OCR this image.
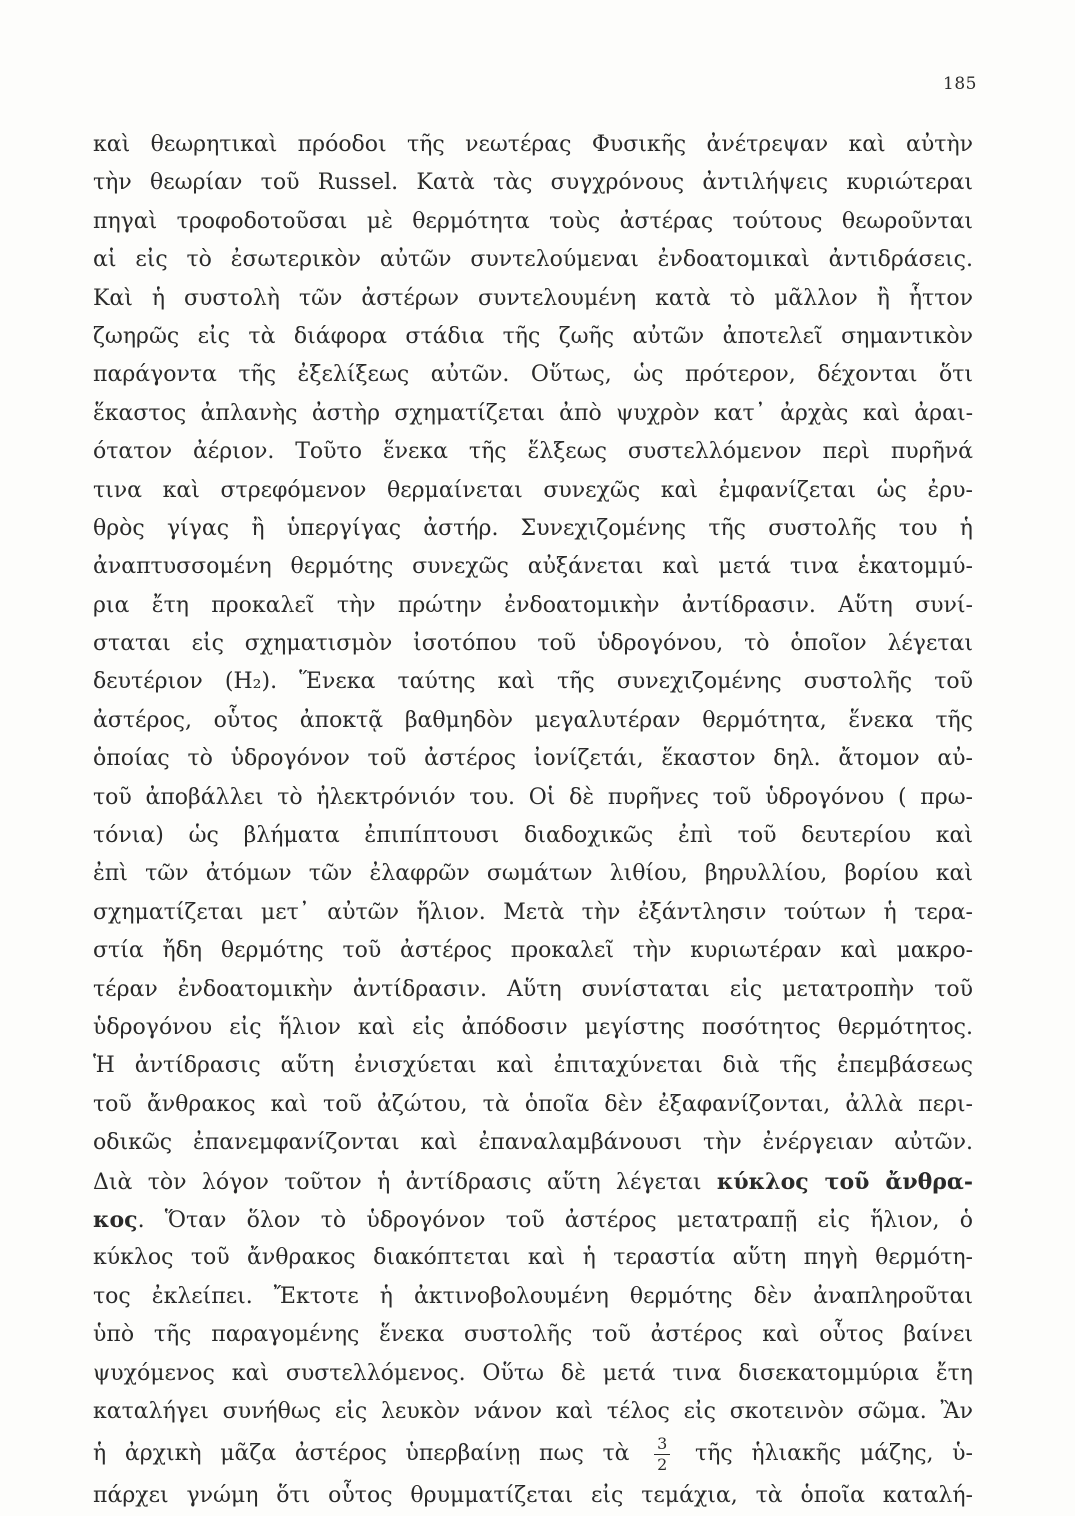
185
καὶ θεωρητικαὶ πρόοδοι τῆς νεωτέρας Φυσικῆς ἀνέτρεψαν καὶ αὐτὴν
τὴν θεωρίαν τοῦ Russel. Κατὰ τὰς συγχρόνους ἀντιλήψεις κυριώτεραι
πηγαὶ τροφοδοτοῦσαι μὲ θερμότητα τοὺς ἀστέρας τούτους θεωροῦνται
αἱ εἰς τὸ ἐσωτερικὸν αὐτῶν συντελούμεναι ἐνδοατομικαὶ ἀντιδράσεις.
Καὶ ἡ συστολὴ τῶν ἀστέρων συντελουμένη κατὰ τὸ μᾶλλον ἢ ἧττον
ζωηρῶς εἰς τὰ διάφορα στάδια τῆς ζωῆς αὐτῶν ἀποτελεῖ σημαντικὸν
παράγοντα τῆς ἐξελίξεως αὐτῶν. Οὕτως, ὡς πρότερον, δέχονται ὅτι
ἕκαστος ἀπλανὴς ἀστὴρ σχηματίζεται ἀπὸ ψυχρὸν κατ᾽ ἀρχὰς καὶ ἀραι-
ότατον ἀέριον. Τοῦτο ἕνεκα τῆς ἕλξεως συστελλόμενον περὶ πυρῆνά
τινα καὶ στρεφόμενον θερμαίνεται συνεχῶς καὶ ἐμφανίζεται ὡς ἐρυ-
θρὸς γίγας ἢ ὑπεργίγας ἀστήρ. Συνεχιζομένης τῆς συστολῆς του ἡ
ἀναπτυσσομένη θερμότης συνεχῶς αὐξάνεται καὶ μετά τινα ἑκατομμύ-
ρια ἔτη προκαλεῖ τὴν πρώτην ἐνδοατομικὴν ἀντίδρασιν. Αὕτη συνί-
σταται εἰς σχηματισμὸν ἰσοτόπου τοῦ ὑδρογόνου, τὸ ὁποῖον λέγεται
δευτέριον (H₂). Ἕνεκα ταύτης καὶ τῆς συνεχιζομένης συστολῆς τοῦ
ἀστέρος, οὗτος ἀποκτᾷ βαθμηδὸν μεγαλυτέραν θερμότητα, ἕνεκα τῆς
ὁποίας τὸ ὑδρογόνον τοῦ ἀστέρος ἰονίζετάι, ἕκαστον δηλ. ἄτομον αὐ-
τοῦ ἀποβάλλει τὸ ἠλεκτρόνιόν του. Οἱ δὲ πυρῆνες τοῦ ὑδρογόνου ( πρω-
τόνια) ὡς βλήματα ἐπιπίπτουσι διαδοχικῶς ἐπὶ τοῦ δευτερίου καὶ
ἐπὶ τῶν ἀτόμων τῶν ἐλαφρῶν σωμάτων λιθίου, βηρυλλίου, βορίου καὶ
σχηματίζεται μετ᾽ αὐτῶν ἥλιον. Μετὰ τὴν ἐξάντλησιν τούτων ἡ τερα-
στία ἤδη θερμότης τοῦ ἀστέρος προκαλεῖ τὴν κυριωτέραν καὶ μακρο-
τέραν ἐνδοατομικὴν ἀντίδρασιν. Αὕτη συνίσταται εἰς μετατροπὴν τοῦ
ὑδρογόνου εἰς ἥλιον καὶ εἰς ἀπόδοσιν μεγίστης ποσότητος θερμότητος.
Ἡ ἀντίδρασις αὕτη ἐνισχύεται καὶ ἐπιταχύνεται διὰ τῆς ἐπεμβάσεως
τοῦ ἄνθρακος καὶ τοῦ ἀζώτου, τὰ ὁποῖα δὲν ἐξαφανίζονται, ἀλλὰ περι-
οδικῶς ἐπανεμφανίζονται καὶ ἐπαναλαμβάνουσι τὴν ἐνέργειαν αὐτῶν.
Διὰ τὸν λόγον τοῦτον ἡ ἀντίδρασις αὕτη λέγεται κύκλος τοῦ ἄνθρα-
κος. Ὅταν ὅλον τὸ ὑδρογόνον τοῦ ἀστέρος μετατραπῇ εἰς ἥλιον, ὁ
κύκλος τοῦ ἄνθρακος διακόπτεται καὶ ἡ τεραστία αὕτη πηγὴ θερμότη-
τος ἐκλείπει. Ἔκτοτε ἡ ἀκτινοβολουμένη θερμότης δὲν ἀναπληροῦται
ὑπὸ τῆς παραγομένης ἕνεκα συστολῆς τοῦ ἀστέρος καὶ οὗτος βαίνει
ψυχόμενος καὶ συστελλόμενος. Οὕτω δὲ μετά τινα δισεκατομμύρια ἔτη
καταλήγει συνήθως εἰς λευκὸν νάνον καὶ τέλος εἰς σκοτεινὸν σῶμα. Ἂν
ἡ ἀρχικὴ μᾶζα ἀστέρος ὑπερβαίνῃ πως τὰ $\frac{3}{2}$ τῆς ἡλιακῆς μάζης, ὑ-
πάρχει γνώμη ὅτι οὗτος θρυμματίζεται εἰς τεμάχια, τὰ ὁποῖα καταλή-
